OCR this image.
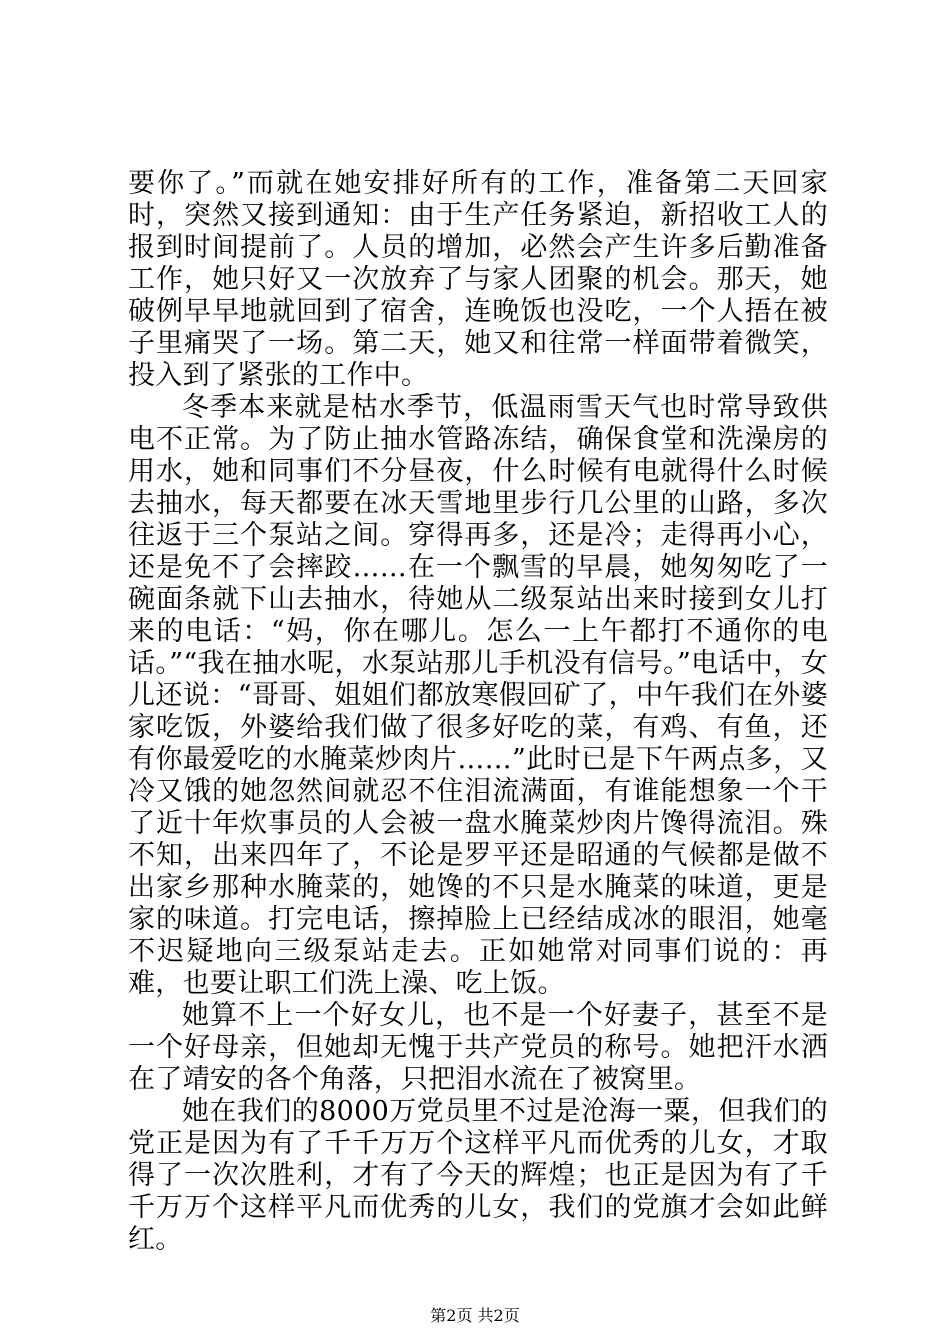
要你了。”而就在她安排好所有的工作，准备第二天回家时，突然又接到通知：由于生产任务紧迫，新招收工人的报到时间提前了。人员的增加，必然会产生许多后勤准备工作，她只好又一次放弃了与家人团聚的机会。那天，她破例早早地就回到了宿舍，连晚饭也没吃，一个人捂在被子里痛哭了一场。第二天，她又和往常一样面带着微笑，投入到了紧张的工作中。

冬季本来就是枯水季节，低温雨雪天气也时常导致供电不正常。为了防止抽水管路冻结，确保食堂和洗澡房的用水，她和同事们不分昼夜，什么时候有电就得什么时候去抽水，每天都要在冰天雪地里步行几公里的山路，多次往返于三个泵站之间。穿得再多，还是冷；走得再小心，还是免不了会摔跤……在一个飘雪的早晨，她匆匆吃了一碗面条就下山去抽水，待她从二级泵站出来时接到女儿打来的电话：“妈，你在哪儿。怎么一上午都打不通你的电话。”“我在抽水呢，水泵站那儿手机没有信号。”电话中，女儿还说：“哥哥、姐姐们都放寒假回矿了，中午我们在外婆家吃饭，外婆给我们做了很多好吃的菜，有鸡、有鱼，还有你最爱吃的水腌菜炒肉片……”此时已是下午两点多，又冷又饿的她忽然间就忍不住泪流满面，有谁能想象一个干了近十年炊事员的人会被一盘水腌菜炒肉片馋得流泪。殊不知，出来四年了，不论是罗平还是昭通的气候都是做不出家乡那种水腌菜的，她馋的不只是水腌菜的味道，更是家的味道。打完电话，擦掉脸上已经结成冰的眼泪，她毫不迟疑地向三级泵站走去。正如她常对同事们说的：再难，也要让职工们洗上澡、吃上饭。

她算不上一个好女儿，也不是一个好妻子，甚至不是一个好母亲，但她却无愧于共产党员的称号。她把汗水洒在了靖安的各个角落，只把泪水流在了被窝里。

她在我们的8000万党员里不过是沧海一粟，但我们的党正是因为有了千千万万个这样平凡而优秀的儿女，才取得了一次次胜利，才有了今天的辉煌；也正是因为有了千千万万个这样平凡而优秀的儿女，我们的党旗才会如此鲜红。

第2页 共2页
